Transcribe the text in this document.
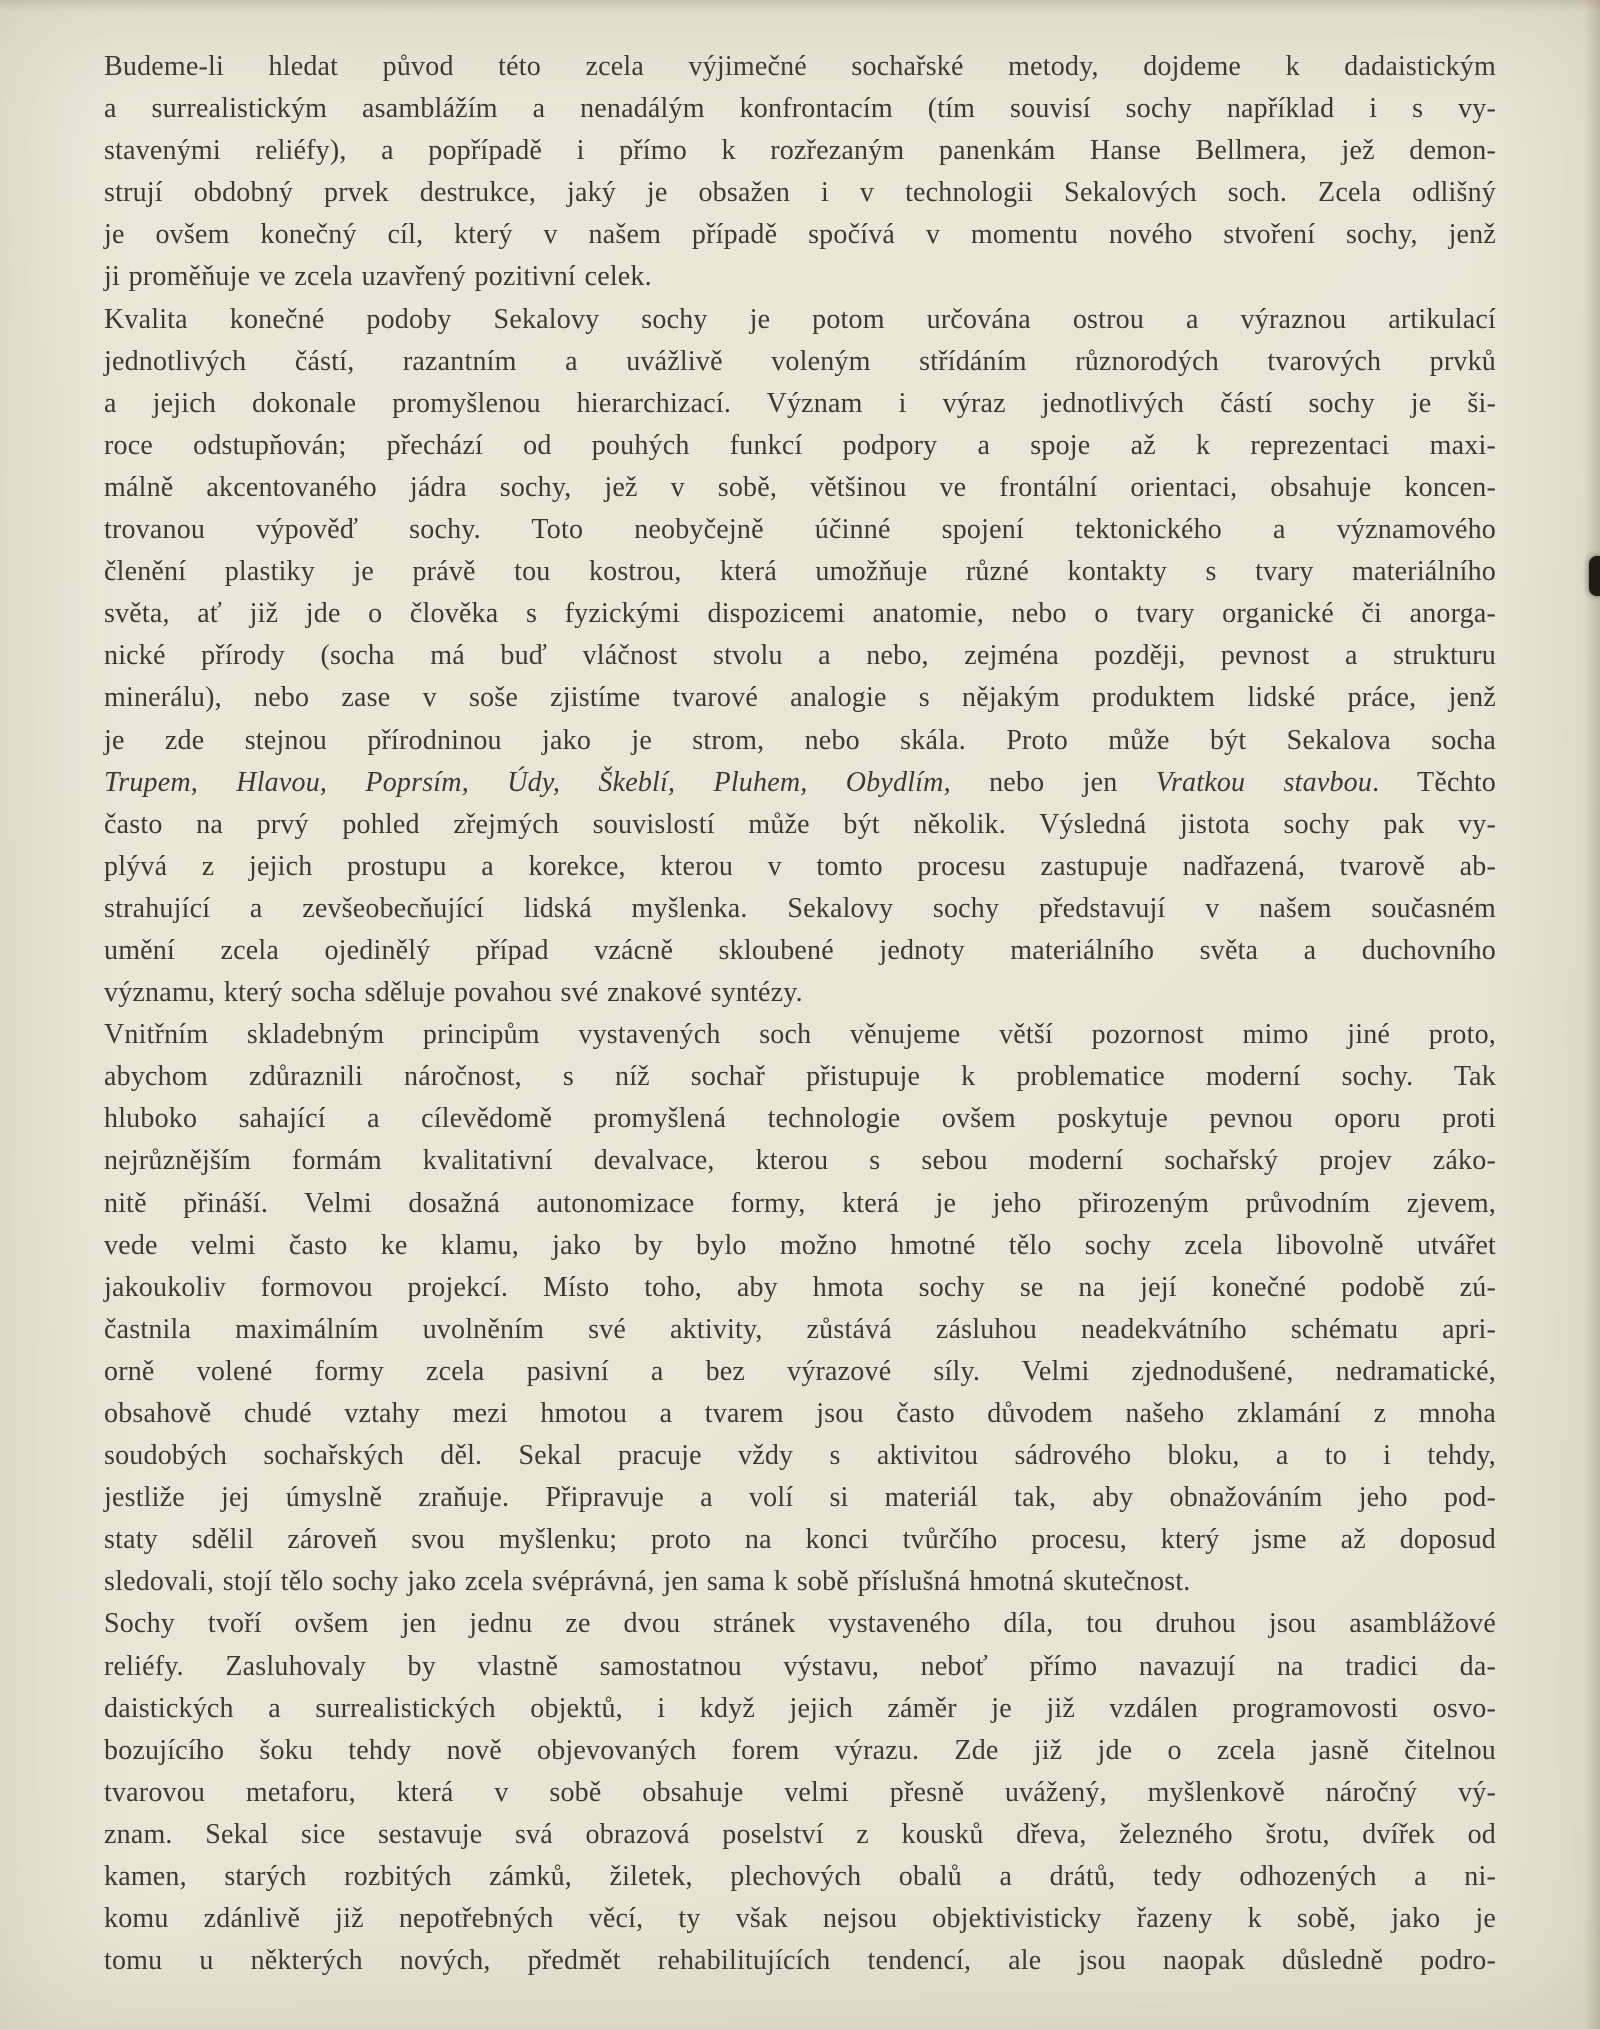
Budeme-li hledat původ této zcela výjimečné sochařské metody, dojdeme k dadaistickým
a surrealistickým asamblážím a nenadálým konfrontacím (tím souvisí sochy například i s vy-
stavenými reliéfy), a popřípadě i přímo k rozřezaným panenkám Hanse Bellmera, jež demon-
strují obdobný prvek destrukce, jaký je obsažen i v technologii Sekalových soch. Zcela odlišný
je ovšem konečný cíl, který v našem případě spočívá v momentu nového stvoření sochy, jenž
ji proměňuje ve zcela uzavřený pozitivní celek.
Kvalita konečné podoby Sekalovy sochy je potom určována ostrou a výraznou artikulací
jednotlivých částí, razantním a uvážlivě voleným střídáním různorodých tvarových prvků
a jejich dokonale promyšlenou hierarchizací. Význam i výraz jednotlivých částí sochy je ši-
roce odstupňován; přechází od pouhých funkcí podpory a spoje až k reprezentaci maxi-
málně akcentovaného jádra sochy, jež v sobě, většinou ve frontální orientaci, obsahuje koncen-
trovanou výpověď sochy. Toto neobyčejně účinné spojení tektonického a významového
členění plastiky je právě tou kostrou, která umožňuje různé kontakty s tvary materiálního
světa, ať již jde o člověka s fyzickými dispozicemi anatomie, nebo o tvary organické či anorga-
nické přírody (socha má buď vláčnost stvolu a nebo, zejména později, pevnost a strukturu
minerálu), nebo zase v soše zjistíme tvarové analogie s nějakým produktem lidské práce, jenž
je zde stejnou přírodninou jako je strom, nebo skála. Proto může být Sekalova socha
Trupem, Hlavou, Poprsím, Údy, Škeblí, Pluhem, Obydlím, nebo jen Vratkou stavbou. Těchto
často na prvý pohled zřejmých souvislostí může být několik. Výsledná jistota sochy pak vy-
plývá z jejich prostupu a korekce, kterou v tomto procesu zastupuje nadřazená, tvarově ab-
strahující a zevšeobecňující lidská myšlenka. Sekalovy sochy představují v našem současném
umění zcela ojedinělý případ vzácně skloubené jednoty materiálního světa a duchovního
významu, který socha sděluje povahou své znakové syntézy.
Vnitřním skladebným principům vystavených soch věnujeme větší pozornost mimo jiné proto,
abychom zdůraznili náročnost, s níž sochař přistupuje k problematice moderní sochy. Tak
hluboko sahající a cílevědomě promyšlená technologie ovšem poskytuje pevnou oporu proti
nejrůznějším formám kvalitativní devalvace, kterou s sebou moderní sochařský projev záko-
nitě přináší. Velmi dosažná autonomizace formy, která je jeho přirozeným průvodním zjevem,
vede velmi často ke klamu, jako by bylo možno hmotné tělo sochy zcela libovolně utvářet
jakoukoliv formovou projekcí. Místo toho, aby hmota sochy se na její konečné podobě zú-
častnila maximálním uvolněním své aktivity, zůstává zásluhou neadekvátního schématu apri-
orně volené formy zcela pasivní a bez výrazové síly. Velmi zjednodušené, nedramatické,
obsahově chudé vztahy mezi hmotou a tvarem jsou často důvodem našeho zklamání z mnoha
soudobých sochařských děl. Sekal pracuje vždy s aktivitou sádrového bloku, a to i tehdy,
jestliže jej úmyslně zraňuje. Připravuje a volí si materiál tak, aby obnažováním jeho pod-
staty sdělil zároveň svou myšlenku; proto na konci tvůrčího procesu, který jsme až doposud
sledovali, stojí tělo sochy jako zcela svéprávná, jen sama k sobě příslušná hmotná skutečnost.
Sochy tvoří ovšem jen jednu ze dvou stránek vystaveného díla, tou druhou jsou asamblážové
reliéfy. Zasluhovaly by vlastně samostatnou výstavu, neboť přímo navazují na tradici da-
daistických a surrealistických objektů, i když jejich záměr je již vzdálen programovosti osvo-
bozujícího šoku tehdy nově objevovaných forem výrazu. Zde již jde o zcela jasně čitelnou
tvarovou metaforu, která v sobě obsahuje velmi přesně uvážený, myšlenkově náročný vý-
znam. Sekal sice sestavuje svá obrazová poselství z kousků dřeva, železného šrotu, dvířek od
kamen, starých rozbitých zámků, žiletek, plechových obalů a drátů, tedy odhozených a ni-
komu zdánlivě již nepotřebných věcí, ty však nejsou objektivisticky řazeny k sobě, jako je
tomu u některých nových, předmět rehabilitujících tendencí, ale jsou naopak důsledně podro-
